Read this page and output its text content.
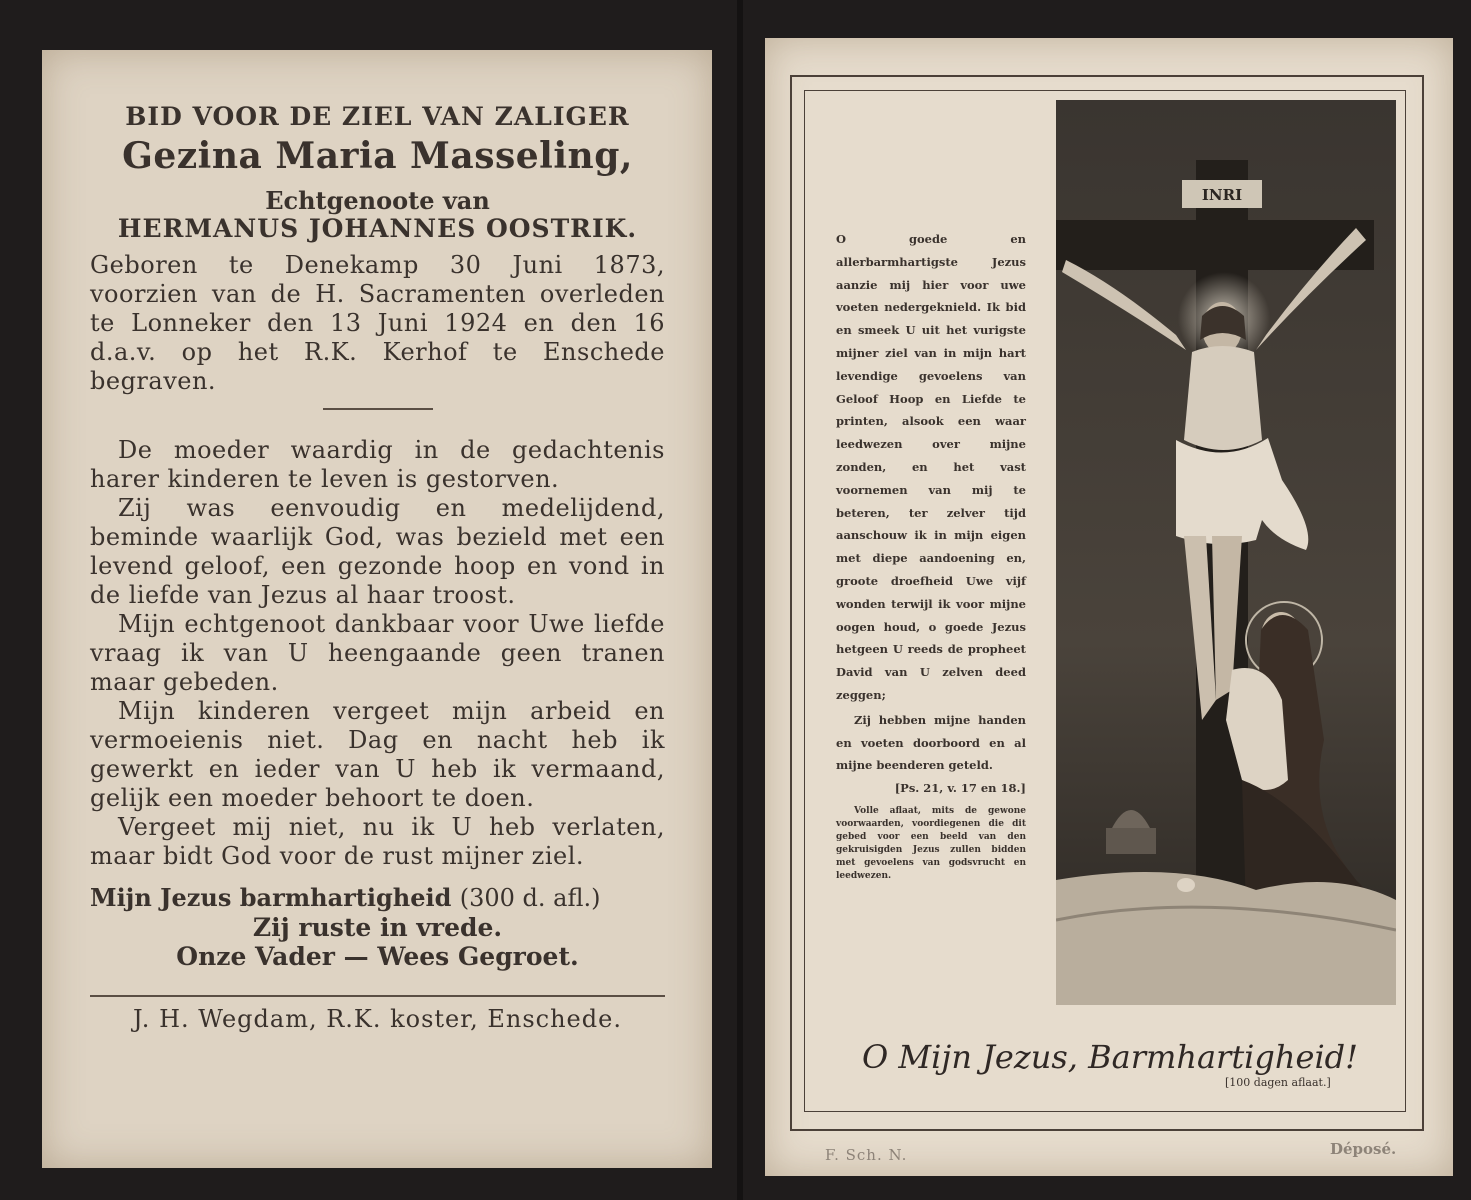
BID VOOR DE ZIEL VAN ZALIGER

Gezina Maria Masseling,

Echtgenoote van

HERMANUS JOHANNES OOSTRIK.

Geboren te Denekamp 30 Juni 1873, voorzien van de H. Sacramenten overleden te Lonneker den 13 Juni 1924 en den 16 d.a.v. op het R.K. Kerhof te Enschede begraven.

De moeder waardig in de gedachtenis harer kinderen te leven is gestorven.

Zij was eenvoudig en medelijdend, beminde waarlijk God, was bezield met een levend geloof, een gezonde hoop en vond in de liefde van Jezus al haar troost.

Mijn echtgenoot dankbaar voor Uwe liefde vraag ik van U heengaande geen tranen maar gebeden.

Mijn kinderen vergeet mijn arbeid en vermoeienis niet. Dag en nacht heb ik gewerkt en ieder van U heb ik vermaand, gelijk een moeder behoort te doen.

Vergeet mij niet, nu ik U heb verlaten, maar bidt God voor de rust mijner ziel.

Mijn Jezus barmhartigheid (300 d. afl.)

Zij ruste in vrede.

Onze Vader — Wees Gegroet.

J. H. Wegdam, R.K. koster, Enschede.

O goede en allerbarmhartigste Jezus aanzie mij hier voor uwe voeten nedergeknield. Ik bid en smeek U uit het vurigste mijner ziel van in mijn hart levendige gevoelens van Geloof Hoop en Liefde te printen, alsook een waar leedwezen over mijne zonden, en het vast voornemen van mij te beteren, ter zelver tijd aanschouw ik in mijn eigen met diepe aandoening en, groote droefheid Uwe vijf wonden terwijl ik voor mijne oogen houd, o goede Jezus hetgeen U reeds de propheet David van U zelven deed zeggen;

Zij hebben mijne handen en voeten doorboord en al mijne beenderen geteld.

[Ps. 21, v. 17 en 18.]

Volle aflaat, mits de gewone voorwaarden, voordiegenen die dit gebed voor een beeld van den gekruisigden Jezus zullen bidden met gevoelens van godsvrucht en leedwezen.

INRI
O Mijn Jezus, Barmhartigheid!
[100 dagen aflaat.]
F. Sch. N.	Déposé.
